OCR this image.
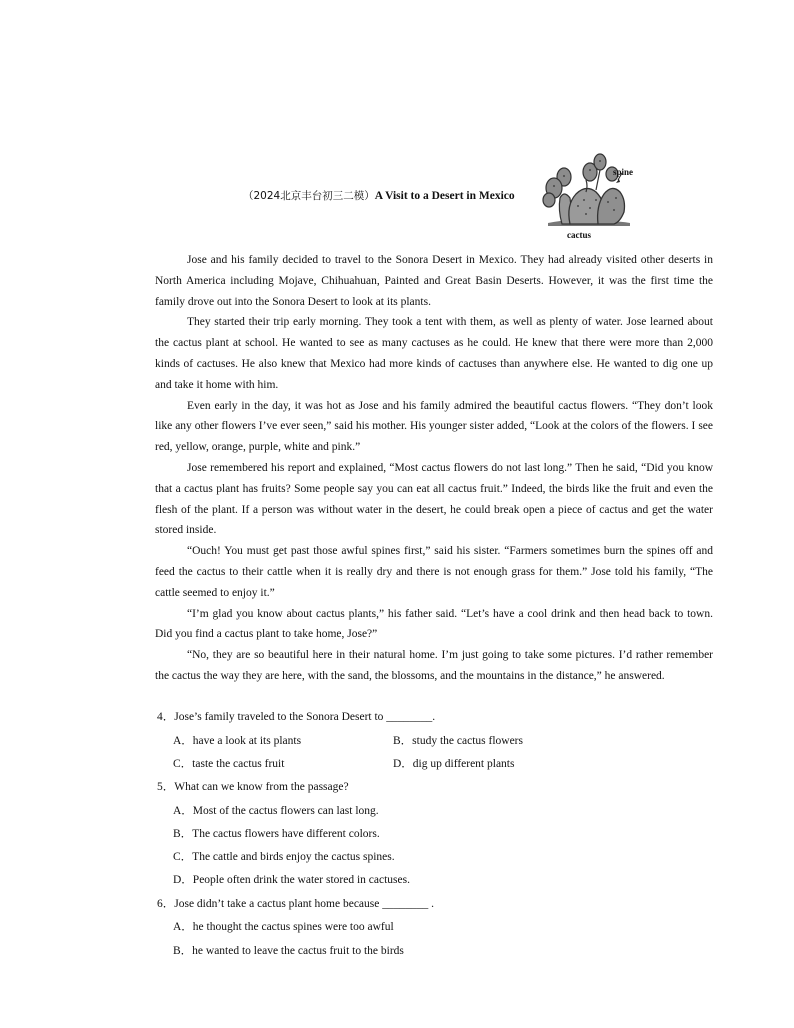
（2024北京丰台初三二模）A Visit to a Desert in Mexico
spine
cactus

Jose and his family decided to travel to the Sonora Desert in Mexico. They had already visited other deserts in North America including Mojave, Chihuahuan, Painted and Great Basin Deserts. However, it was the first time the family drove out into the Sonora Desert to look at its plants.

They started their trip early morning. They took a tent with them, as well as plenty of water. Jose learned about the cactus plant at school. He wanted to see as many cactuses as he could. He knew that there were more than 2,000 kinds of cactuses. He also knew that Mexico had more kinds of cactuses than anywhere else. He wanted to dig one up and take it home with him.

Even early in the day, it was hot as Jose and his family admired the beautiful cactus flowers. “They don’t look like any other flowers I’ve ever seen,” said his mother. His younger sister added, “Look at the colors of the flowers. I see red, yellow, orange, purple, white and pink.”

Jose remembered his report and explained, “Most cactus flowers do not last long.” Then he said, “Did you know that a cactus plant has fruits? Some people say you can eat all cactus fruit.” Indeed, the birds like the fruit and even the flesh of the plant. If a person was without water in the desert, he could break open a piece of cactus and get the water stored inside.

“Ouch! You must get past those awful spines first,” said his sister. “Farmers sometimes burn the spines off and feed the cactus to their cattle when it is really dry and there is not enough grass for them.” Jose told his family, “The cattle seemed to enjoy it.”

“I’m glad you know about cactus plants,” his father said. “Let’s have a cool drink and then head back to town. Did you find a cactus plant to take home, Jose?”

“No, they are so beautiful here in their natural home. I’m just going to take some pictures. I’d rather remember the cactus the way they are here, with the sand, the blossoms, and the mountains in the distance,” he answered.

4．Jose’s family traveled to the Sonora Desert to ________.
A．have a look at its plants	B．study the cactus flowers
C．taste the cactus fruit	D．dig up different plants
5．What can we know from the passage?
A．Most of the cactus flowers can last long.
B．The cactus flowers have different colors.
C．The cattle and birds enjoy the cactus spines.
D．People often drink the water stored in cactuses.
6．Jose didn’t take a cactus plant home because ________ .
A．he thought the cactus spines were too awful
B．he wanted to leave the cactus fruit to the birds
